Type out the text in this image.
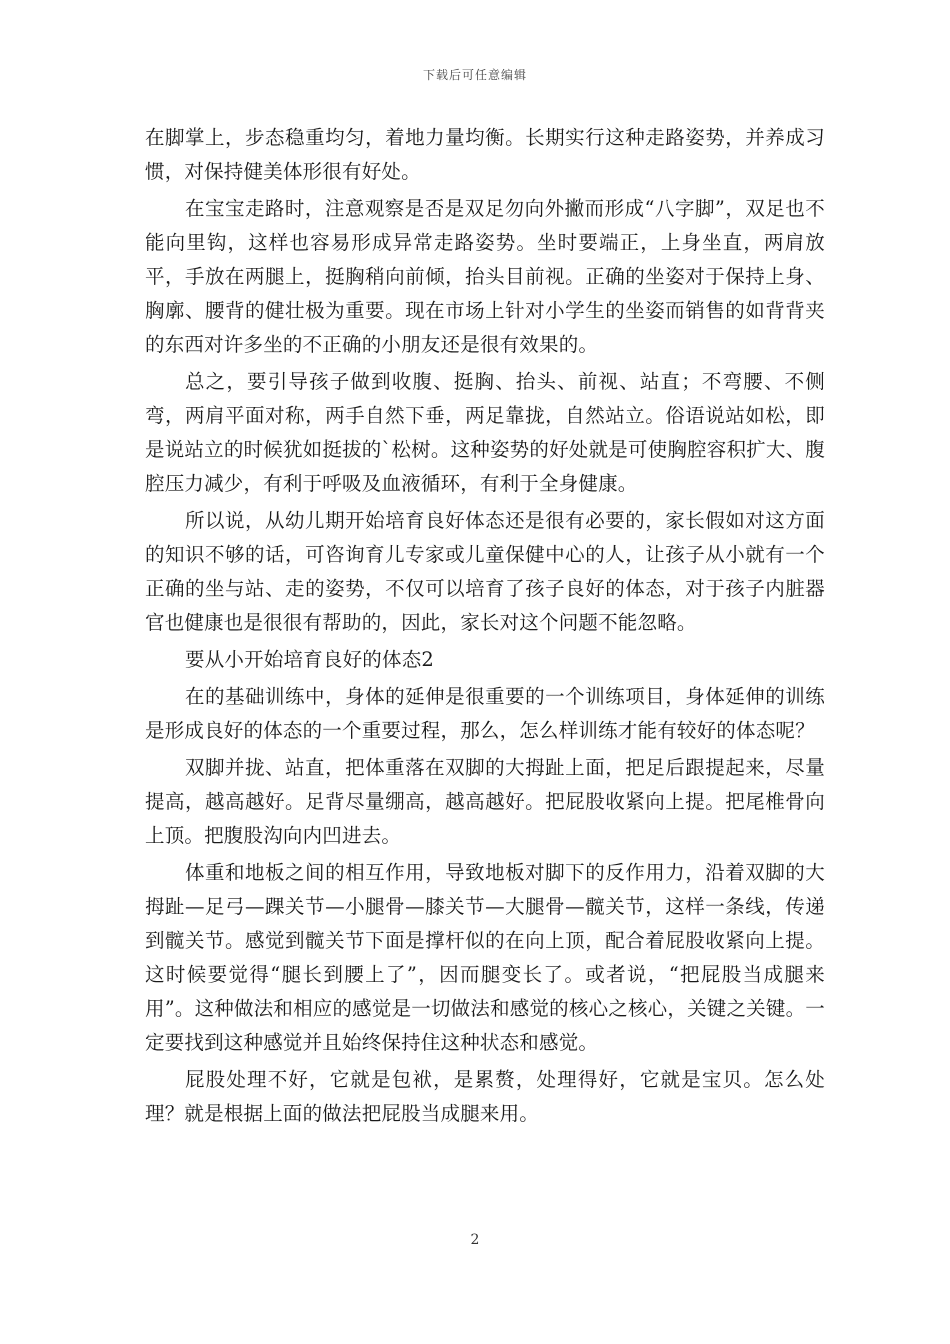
下载后可任意编辑

在脚掌上，步态稳重均匀，着地力量均衡。长期实行这种走路姿势，并养成习惯，对保持健美体形很有好处。

在宝宝走路时，注意观察是否是双足勿向外撇而形成“八字脚”，双足也不能向里钩，这样也容易形成异常走路姿势。坐时要端正，上身坐直，两肩放平，手放在两腿上，挺胸稍向前倾，抬头目前视。正确的坐姿对于保持上身、胸廓、腰背的健壮极为重要。现在市场上针对小学生的坐姿而销售的如背背夹的东西对许多坐的不正确的小朋友还是很有效果的。

总之，要引导孩子做到收腹、挺胸、抬头、前视、站直；不弯腰、不侧弯，两肩平面对称，两手自然下垂，两足靠拢，自然站立。俗语说站如松，即是说站立的时候犹如挺拔的`松树。这种姿势的好处就是可使胸腔容积扩大、腹腔压力减少，有利于呼吸及血液循环，有利于全身健康。

所以说，从幼儿期开始培育良好体态还是很有必要的，家长假如对这方面的知识不够的话，可咨询育儿专家或儿童保健中心的人，让孩子从小就有一个正确的坐与站、走的姿势，不仅可以培育了孩子良好的体态，对于孩子内脏器官也健康也是很很有帮助的，因此，家长对这个问题不能忽略。

要从小开始培育良好的体态2

在的基础训练中，身体的延伸是很重要的一个训练项目，身体延伸的训练是形成良好的体态的一个重要过程，那么，怎么样训练才能有较好的体态呢？

双脚并拢、站直，把体重落在双脚的大拇趾上面，把足后跟提起来，尽量提高，越高越好。足背尽量绷高，越高越好。把屁股收紧向上提。把尾椎骨向上顶。把腹股沟向内凹进去。

体重和地板之间的相互作用，导致地板对脚下的反作用力，沿着双脚的大拇趾—足弓—踝关节—小腿骨—膝关节—大腿骨—髋关节，这样一条线，传递到髋关节。感觉到髋关节下面是撑杆似的在向上顶，配合着屁股收紧向上提。这时候要觉得“腿长到腰上了”，因而腿变长了。或者说，“把屁股当成腿来用”。这种做法和相应的感觉是一切做法和感觉的核心之核心，关键之关键。一定要找到这种感觉并且始终保持住这种状态和感觉。

屁股处理不好，它就是包袱，是累赘，处理得好，它就是宝贝。怎么处理？就是根据上面的做法把屁股当成腿来用。

2
